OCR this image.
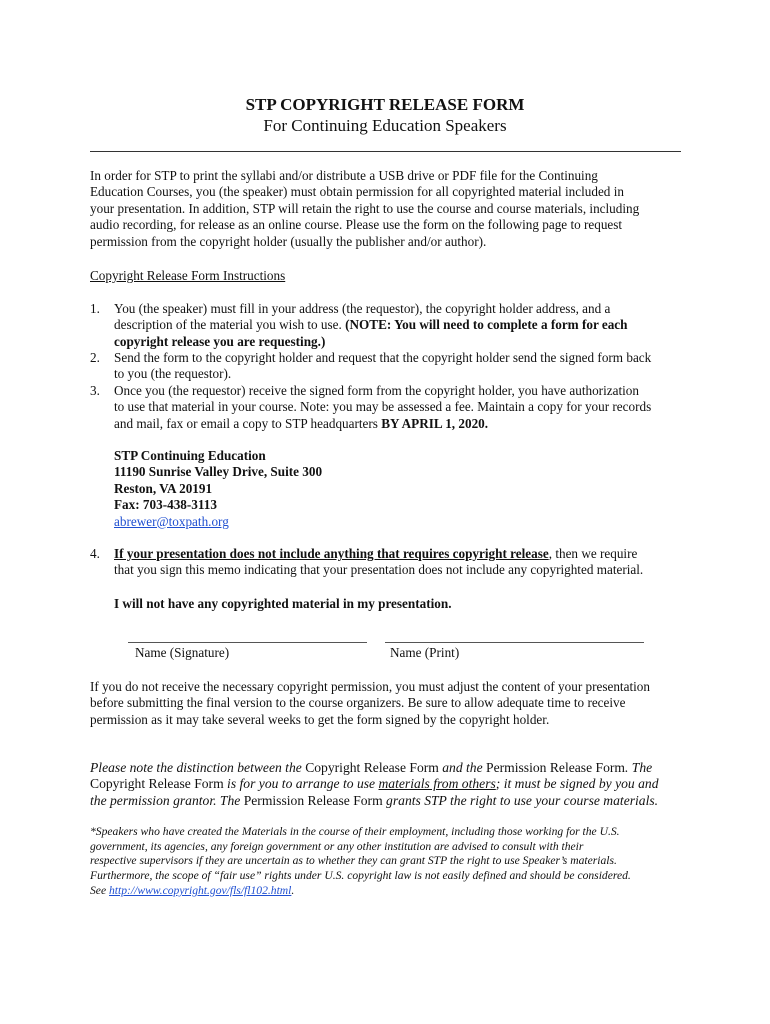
STP COPYRIGHT RELEASE FORM
For Continuing Education Speakers
In order for STP to print the syllabi and/or distribute a USB drive or PDF file for the Continuing
Education Courses, you (the speaker) must obtain permission for all copyrighted material included in
your presentation. In addition, STP will retain the right to use the course and course materials, including
audio recording, for release as an online course. Please use the form on the following page to request
permission from the copyright holder (usually the publisher and/or author).
Copyright Release Form Instructions
1. You (the speaker) must fill in your address (the requestor), the copyright holder address, and a
description of the material you wish to use. (NOTE: You will need to complete a form for each
copyright release you are requesting.)
2. Send the form to the copyright holder and request that the copyright holder send the signed form back
to you (the requestor).
3. Once you (the requestor) receive the signed form from the copyright holder, you have authorization
to use that material in your course. Note: you may be assessed a fee. Maintain a copy for your records
and mail, fax or email a copy to STP headquarters BY APRIL 1, 2020.
STP Continuing Education
11190 Sunrise Valley Drive, Suite 300
Reston, VA 20191
Fax: 703-438-3113
abrewer@toxpath.org
4. If your presentation does not include anything that requires copyright release, then we require
that you sign this memo indicating that your presentation does not include any copyrighted material.
I will not have any copyrighted material in my presentation.
Name (Signature)	Name (Print)
If you do not receive the necessary copyright permission, you must adjust the content of your presentation
before submitting the final version to the course organizers. Be sure to allow adequate time to receive
permission as it may take several weeks to get the form signed by the copyright holder.
Please note the distinction between the Copyright Release Form and the Permission Release Form. The
Copyright Release Form is for you to arrange to use materials from others; it must be signed by you and
the permission grantor. The Permission Release Form grants STP the right to use your course materials.
*Speakers who have created the Materials in the course of their employment, including those working for the U.S.
government, its agencies, any foreign government or any other institution are advised to consult with their
respective supervisors if they are uncertain as to whether they can grant STP the right to use Speaker’s materials.
Furthermore, the scope of “fair use” rights under U.S. copyright law is not easily defined and should be considered.
See http://www.copyright.gov/fls/fl102.html.
